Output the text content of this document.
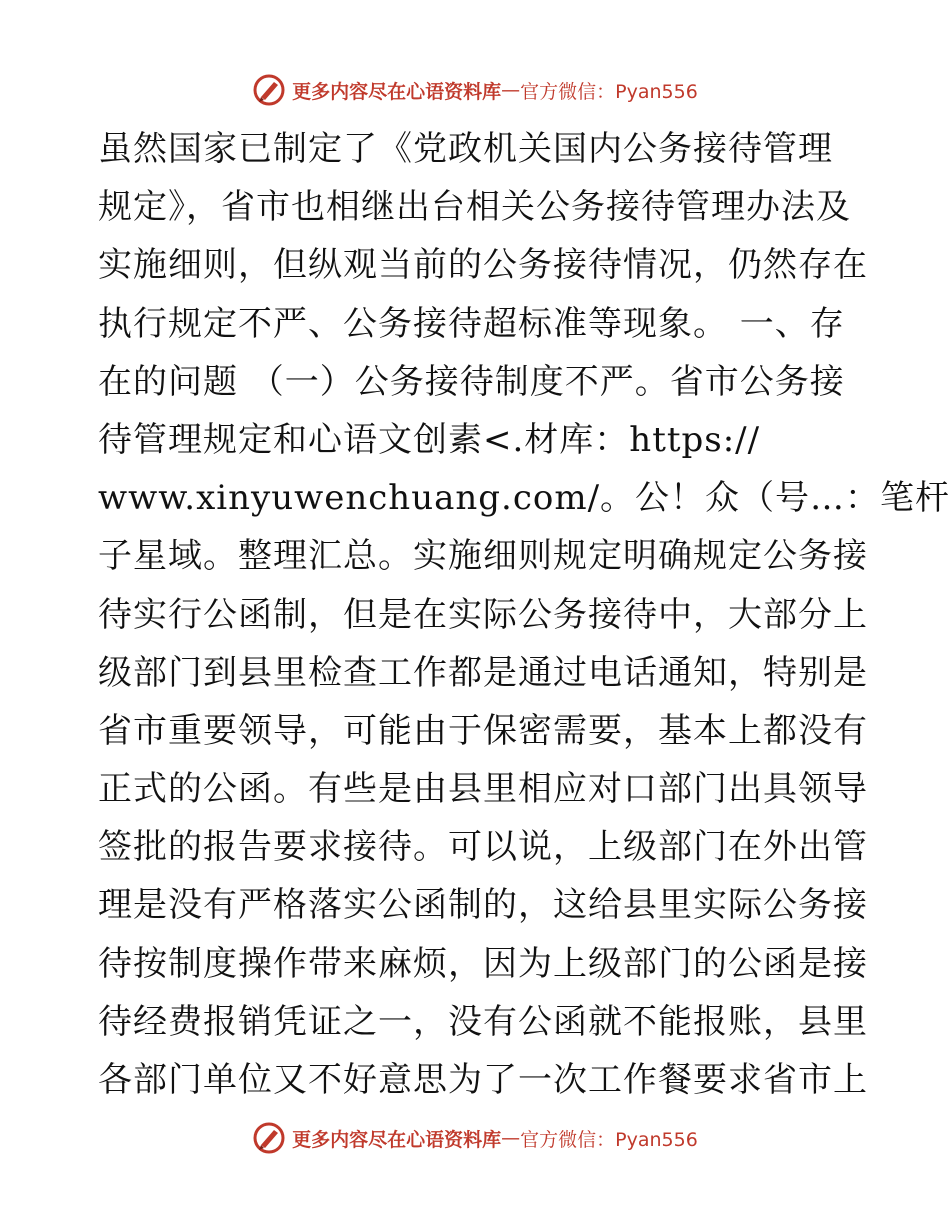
更多内容尽在心语资料库 — 官方微信：Pyan556
虽然国家已制定了《党政机关国内公务接待管理
规定》，省市也相继出台相关公务接待管理办法及
实施细则，但纵观当前的公务接待情况，仍然存在
执行规定不严、公务接待超标准等现象。 一、存
在的问题 （一）公务接待制度不严。省市公务接
待管理规定和心语文创素<.材库：https://
www.xinyuwenchuang.com/。公！众（号…：笔杆
子星域。整理汇总。实施细则规定明确规定公务接
待实行公函制，但是在实际公务接待中，大部分上
级部门到县里检查工作都是通过电话通知，特别是
省市重要领导，可能由于保密需要，基本上都没有
正式的公函。有些是由县里相应对口部门出具领导
签批的报告要求接待。可以说，上级部门在外出管
理是没有严格落实公函制的，这给县里实际公务接
待按制度操作带来麻烦，因为上级部门的公函是接
待经费报销凭证之一，没有公函就不能报账，县里
各部门单位又不好意思为了一次工作餐要求省市上
更多内容尽在心语资料库 — 官方微信：Pyan556
